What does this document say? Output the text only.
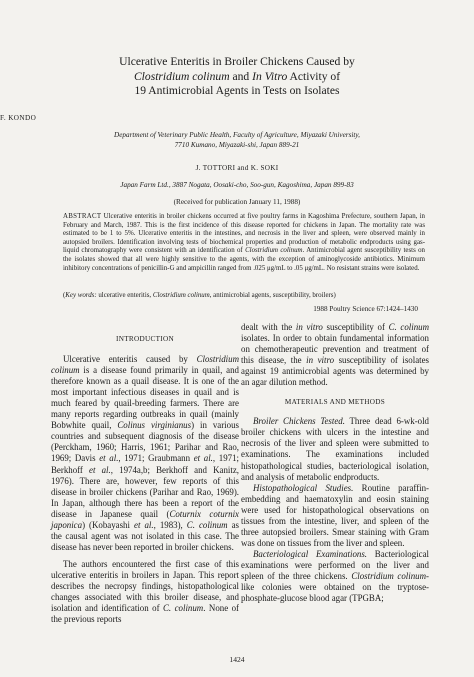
Ulcerative Enteritis in Broiler Chickens Caused by
Clostridium colinum and In Vitro Activity of
19 Antimicrobial Agents in Tests on Isolates
F. KONDO
Department of Veterinary Public Health, Faculty of Agriculture, Miyazaki University,
7710 Kumano, Miyazaki-shi, Japan 889-21
J. TOTTORI and K. SOKI
Japan Farm Ltd., 3887 Nogata, Oosaki-cho, Soo-gun, Kagoshima, Japan 899-83
(Received for publication January 11, 1988)
ABSTRACT Ulcerative enteritis in broiler chickens occurred at five poultry farms in Kagoshima Prefecture, southern Japan, in February and March, 1987. This is the first incidence of this disease reported for chickens in Japan. The mortality rate was estimated to be 1 to 5%. Ulcerative enteritis in the intestines, and necrosis in the liver and spleen, were observed mainly in autopsied broilers. Identification involving tests of biochemical properties and production of metabolic endproducts using gas-liquid chromatography were consistent with an identification of Clostridium colinum. Antimicrobial agent susceptibility tests on the isolates showed that all were highly sensitive to the agents, with the exception of aminoglycoside antibiotics. Minimum inhibitory concentrations of penicillin-G and ampicillin ranged from .025 μg/mL to .05 μg/mL. No resistant strains were isolated.
(Key words: ulcerative enteritis, Clostridium colinum, antimicrobial agents, susceptibility, broilers)
1988 Poultry Science 67:1424–1430

INTRODUCTION

Ulcerative enteritis caused by Clostridium colinum is a disease found primarily in quail, and therefore known as a quail disease. It is one of the most important infectious diseases in quail and is much feared by quail-breeding farmers. There are many reports regarding outbreaks in quail (mainly Bobwhite quail, Colinus virginianus) in various countries and subsequent diagnosis of the disease (Perckham, 1960; Harris, 1961; Parihar and Rao, 1969; Davis et al., 1971; Graubmann et al., 1971; Berkhoff et al., 1974a,b; Berkhoff and Kanitz, 1976). There are, however, few reports of this disease in broiler chickens (Parihar and Rao, 1969). In Japan, although there has been a report of the disease in Japanese quail (Coturnix coturnix japonica) (Kobayashi et al., 1983), C. colinum as the causal agent was not isolated in this case. The disease has never been reported in broiler chickens.

The authors encountered the first case of this ulcerative enteritis in broilers in Japan. This report describes the necropsy findings, histopathological changes associated with this broiler disease, and isolation and identification of C. colinum. None of the previous reports

dealt with the in vitro susceptibility of C. colinum isolates. In order to obtain fundamental information on chemotherapeutic prevention and treatment of this disease, the in vitro susceptibility of isolates against 19 antimicrobial agents was determined by an agar dilution method.

MATERIALS AND METHODS

Broiler Chickens Tested. Three dead 6-wk-old broiler chickens with ulcers in the intestine and necrosis of the liver and spleen were submitted to examinations. The examinations included histopathological studies, bacteriological isolation, and analysis of metabolic endproducts.

Histopathological Studies. Routine paraffin-embedding and haematoxylin and eosin staining were used for histopathological observations on tissues from the intestine, liver, and spleen of the three autopsied broilers. Smear staining with Gram was done on tissues from the liver and spleen.

Bacteriological Examinations. Bacteriological examinations were performed on the liver and spleen of the three chickens. Clostridium colinum-like colonies were obtained on the tryptose-phosphate-glucose blood agar (TPGBA;

1424
